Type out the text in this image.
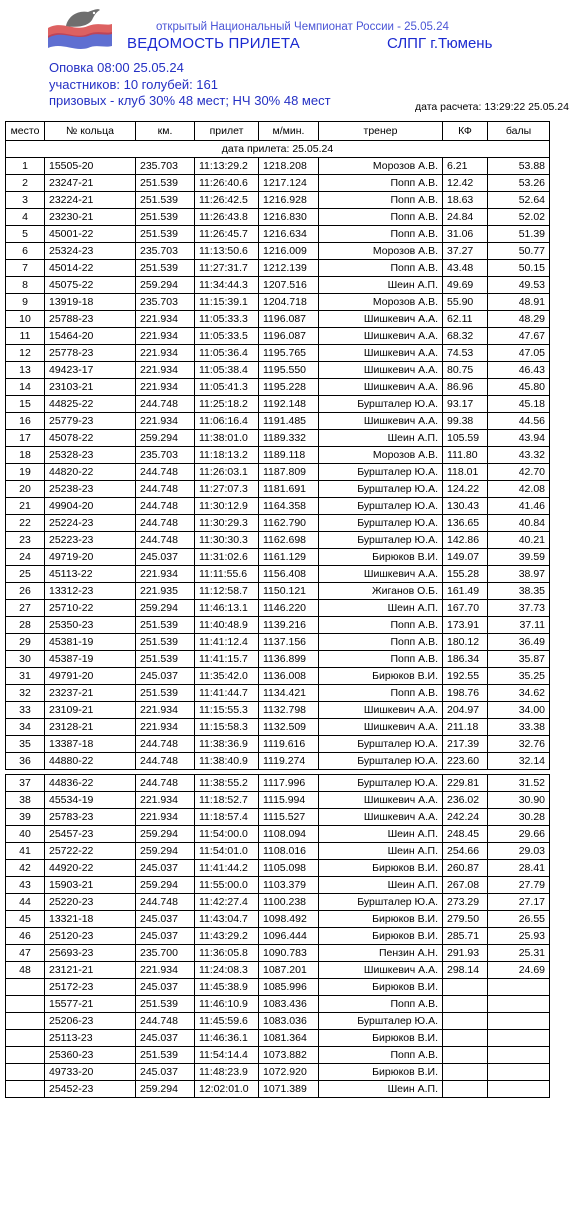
открытый Национальный Чемпионат России - 25.05.24
ВЕДОМОСТЬ ПРИЛЕТА	СЛПГ г.Тюмень
Оповка 08:00 25.05.24
участников: 10 голубей: 161
призовых - клуб 30% 48 мест; НЧ 30% 48 мест	дата расчета: 13:29:22 25.05.24
место	№ кольца	км.	прилет	м/мин.	тренер	КФ	балы
дата прилета: 25.05.24							
1	15505-20	235.703	11:13:29.2	1218.208	Морозов А.В.	6.21	53.88
2	23247-21	251.539	11:26:40.6	1217.124	Попп А.В.	12.42	53.26
3	23224-21	251.539	11:26:42.5	1216.928	Попп А.В.	18.63	52.64
4	23230-21	251.539	11:26:43.8	1216.830	Попп А.В.	24.84	52.02
5	45001-22	251.539	11:26:45.7	1216.634	Попп А.В.	31.06	51.39
6	25324-23	235.703	11:13:50.6	1216.009	Морозов А.В.	37.27	50.77
7	45014-22	251.539	11:27:31.7	1212.139	Попп А.В.	43.48	50.15
8	45075-22	259.294	11:34:44.3	1207.516	Шеин А.П.	49.69	49.53
9	13919-18	235.703	11:15:39.1	1204.718	Морозов А.В.	55.90	48.91
10	25788-23	221.934	11:05:33.3	1196.087	Шишкевич А.А.	62.11	48.29
11	15464-20	221.934	11:05:33.5	1196.087	Шишкевич А.А.	68.32	47.67
12	25778-23	221.934	11:05:36.4	1195.765	Шишкевич А.А.	74.53	47.05
13	49423-17	221.934	11:05:38.4	1195.550	Шишкевич А.А.	80.75	46.43
14	23103-21	221.934	11:05:41.3	1195.228	Шишкевич А.А.	86.96	45.80
15	44825-22	244.748	11:25:18.2	1192.148	Буршталер Ю.А.	93.17	45.18
16	25779-23	221.934	11:06:16.4	1191.485	Шишкевич А.А.	99.38	44.56
17	45078-22	259.294	11:38:01.0	1189.332	Шеин А.П.	105.59	43.94
18	25328-23	235.703	11:18:13.2	1189.118	Морозов А.В.	111.80	43.32
19	44820-22	244.748	11:26:03.1	1187.809	Буршталер Ю.А.	118.01	42.70
20	25238-23	244.748	11:27:07.3	1181.691	Буршталер Ю.А.	124.22	42.08
21	49904-20	244.748	11:30:12.9	1164.358	Буршталер Ю.А.	130.43	41.46
22	25224-23	244.748	11:30:29.3	1162.790	Буршталер Ю.А.	136.65	40.84
23	25223-23	244.748	11:30:30.3	1162.698	Буршталер Ю.А.	142.86	40.21
24	49719-20	245.037	11:31:02.6	1161.129	Бирюков В.И.	149.07	39.59
25	45113-22	221.934	11:11:55.6	1156.408	Шишкевич А.А.	155.28	38.97
26	13312-23	221.935	11:12:58.7	1150.121	Жиганов О.Б.	161.49	38.35
27	25710-22	259.294	11:46:13.1	1146.220	Шеин А.П.	167.70	37.73
28	25350-23	251.539	11:40:48.9	1139.216	Попп А.В.	173.91	37.11
29	45381-19	251.539	11:41:12.4	1137.156	Попп А.В.	180.12	36.49
30	45387-19	251.539	11:41:15.7	1136.899	Попп А.В.	186.34	35.87
31	49791-20	245.037	11:35:42.0	1136.008	Бирюков В.И.	192.55	35.25
32	23237-21	251.539	11:41:44.7	1134.421	Попп А.В.	198.76	34.62
33	23109-21	221.934	11:15:55.3	1132.798	Шишкевич А.А.	204.97	34.00
34	23128-21	221.934	11:15:58.3	1132.509	Шишкевич А.А.	211.18	33.38
35	13387-18	244.748	11:38:36.9	1119.616	Буршталер Ю.А.	217.39	32.76
36	44880-22	244.748	11:38:40.9	1119.274	Буршталер Ю.А.	223.60	32.14

37	44836-22	244.748	11:38:55.2	1117.996	Буршталер Ю.А.	229.81	31.52
38	45534-19	221.934	11:18:52.7	1115.994	Шишкевич А.А.	236.02	30.90
39	25783-23	221.934	11:18:57.4	1115.527	Шишкевич А.А.	242.24	30.28
40	25457-23	259.294	11:54:00.0	1108.094	Шеин А.П.	248.45	29.66
41	25722-22	259.294	11:54:01.0	1108.016	Шеин А.П.	254.66	29.03
42	44920-22	245.037	11:41:44.2	1105.098	Бирюков В.И.	260.87	28.41
43	15903-21	259.294	11:55:00.0	1103.379	Шеин А.П.	267.08	27.79
44	25220-23	244.748	11:42:27.4	1100.238	Буршталер Ю.А.	273.29	27.17
45	13321-18	245.037	11:43:04.7	1098.492	Бирюков В.И.	279.50	26.55
46	25120-23	245.037	11:43:29.2	1096.444	Бирюков В.И.	285.71	25.93
47	25693-23	235.700	11:36:05.8	1090.783	Пензин А.Н.	291.93	25.31
48	23121-21	221.934	11:24:08.3	1087.201	Шишкевич А.А.	298.14	24.69
	25172-23	245.037	11:45:38.9	1085.996	Бирюков В.И.		
	15577-21	251.539	11:46:10.9	1083.436	Попп А.В.		
	25206-23	244.748	11:45:59.6	1083.036	Буршталер Ю.А.		
	25113-23	245.037	11:46:36.1	1081.364	Бирюков В.И.		
	25360-23	251.539	11:54:14.4	1073.882	Попп А.В.		
	49733-20	245.037	11:48:23.9	1072.920	Бирюков В.И.		
	25452-23	259.294	12:02:01.0	1071.389	Шеин А.П.		
